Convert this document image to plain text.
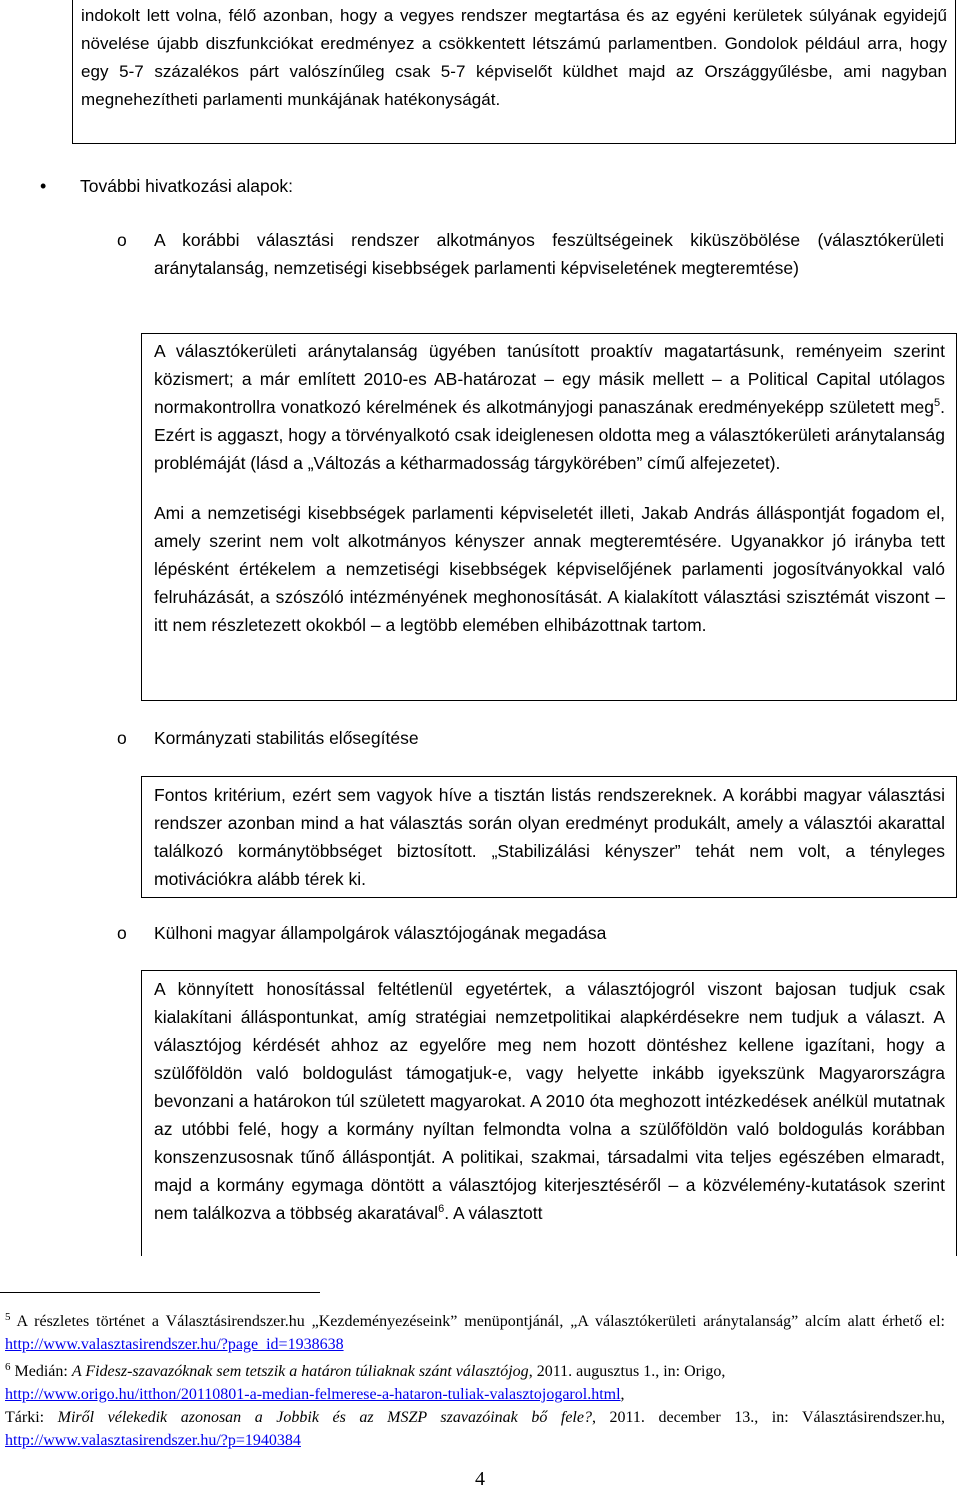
indokolt lett volna, félő azonban, hogy a vegyes rendszer megtartása és az egyéni kerületek súlyának egyidejű növelése újabb diszfunkciókat eredményez a csökkentett létszámú parlamentben. Gondolok például arra, hogy egy 5-7 százalékos párt valószínűleg csak 5-7 képviselőt küldhet majd az Országgyűlésbe, ami nagyban megnehezítheti parlamenti munkájának hatékonyságát.

• További hivatkozási alapok:
o	A korábbi választási rendszer alkotmányos feszültségeinek kiküszöbölése (választókerületi aránytalanság, nemzetiségi kisebbségek parlamenti képviseletének megteremtése)

A választókerületi aránytalanság ügyében tanúsított proaktív magatartásunk, reményeim szerint közismert; a már említett 2010-es AB-határozat – egy másik mellett – a Political Capital utólagos normakontrollra vonatkozó kérelmének és alkotmányjogi panaszának eredményeképp született meg$^5$. Ezért is aggaszt, hogy a törvényalkotó csak ideiglenesen oldotta meg a választókerületi aránytalanság problémáját (lásd a „Változás a kétharmadosság tárgykörében” című alfejezetet).

Ami a nemzetiségi kisebbségek parlamenti képviseletét illeti, Jakab András álláspontját fogadom el, amely szerint nem volt alkotmányos kényszer annak megteremtésére. Ugyanakkor jó irányba tett lépésként értékelem a nemzetiségi kisebbségek képviselőjének parlamenti jogosítványokkal való felruházását, a szószóló intézményének meghonosítását. A kialakított választási szisztémát viszont – itt nem részletezett okokból – a legtöbb elemében elhibázottnak tartom.

o	Kormányzati stabilitás elősegítése

Fontos kritérium, ezért sem vagyok híve a tisztán listás rendszereknek. A korábbi magyar választási rendszer azonban mind a hat választás során olyan eredményt produkált, amely a választói akarattal találkozó kormánytöbbséget biztosított. „Stabilizálási kényszer” tehát nem volt, a tényleges motivációkra alább térek ki.

o	Külhoni magyar állampolgárok választójogának megadása

A könnyített honosítással feltétlenül egyetértek, a választójogról viszont bajosan tudjuk csak kialakítani álláspontunkat, amíg stratégiai nemzetpolitikai alapkérdésekre nem tudjuk a választ. A választójog kérdését ahhoz az egyelőre meg nem hozott döntéshez kellene igazítani, hogy a szülőföldön való boldogulást támogatjuk-e, vagy helyette inkább igyekszünk Magyarországra bevonzani a határokon túl született magyarokat. A 2010 óta meghozott intézkedések anélkül mutatnak az utóbbi felé, hogy a kormány nyíltan felmondta volna a szülőföldön való boldogulás korábban konszenzusosnak tűnő álláspontját. A politikai, szakmai, társadalmi vita teljes egészében elmaradt, majd a kormány egymaga döntött a választójog kiterjesztéséről – a közvélemény-kutatások szerint nem találkozva a többség akaratával$^6$. A választott

$^5$ A részletes történet a Választásirendszer.hu „Kezdeményezéseink” menüpontjánál, „A választókerületi aránytalanság” alcím alatt érhető el: http://www.valasztasirendszer.hu/?page_id=1938638

$^6$ Medián: A Fidesz-szavazóknak sem tetszik a határon túliaknak szánt választójog, 2011. augusztus 1., in: Origo,
http://www.origo.hu/itthon/20110801-a-median-felmerese-a-hataron-tuliak-valasztojogarol.html,
Tárki: Miről vélekedik azonosan a Jobbik és az MSZP szavazóinak bő fele?, 2011. december 13., in: Választásirendszer.hu, http://www.valasztasirendszer.hu/?p=1940384

4
